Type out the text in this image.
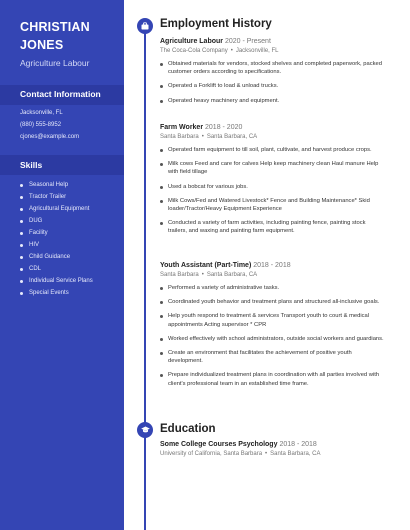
CHRISTIAN
JONES
Agriculture Labour
Contact Information
Jacksonville, FL
(880) 555-8952
cjones@example.com
Skills
Seasonal Help
Tractor Trailer
Agricultural Equipment
DUG
Facility
HIV
Child Guidance
CDL
Individual Service Plans
Special Events
Employment History
Agriculture Labour 2020 - Present
The Coca-Cola Company • Jacksonville, FL
Obtained materials for vendors, stocked shelves and completed paperwork, packed customer orders according to specifications.
Operated a Forklift to load & unload trucks.
Operated heavy machinery and equipment.
Farm Worker 2018 - 2020
Santa Barbara • Santa Barbara, CA
Operated farm equipment to till soil, plant, cultivate, and harvest produce crops.
Milk cows Feed and care for calves Help keep machinery clean Haul manure Help with field tillage
Used a bobcat for various jobs.
Milk Cows/Fed and Watered Livestock* Fence and Building Maintenance* Skid loader/Tractor/Heavy Equipment Experience
Conducted a variety of farm activities, including painting fence, painting stock trailers, and waxing and painting farm equipment.
Youth Assistant (Part-Time) 2018 - 2018
Santa Barbara • Santa Barbara, CA
Performed a variety of administrative tasks.
Coordinated youth behavior and treatment plans and structured all-inclusive goals.
Help youth respond to treatment & services Transport youth to court & medical appointments Acting supervisor * CPR
Worked effectively with school administrators, outside social workers and guardians.
Create an environment that facilitates the achievement of positive youth development.
Prepare individualized treatment plans in coordination with all parties involved with client's professional team in an established time frame.
Education
Some College Courses Psychology 2018 - 2018
University of California, Santa Barbara • Santa Barbara, CA
